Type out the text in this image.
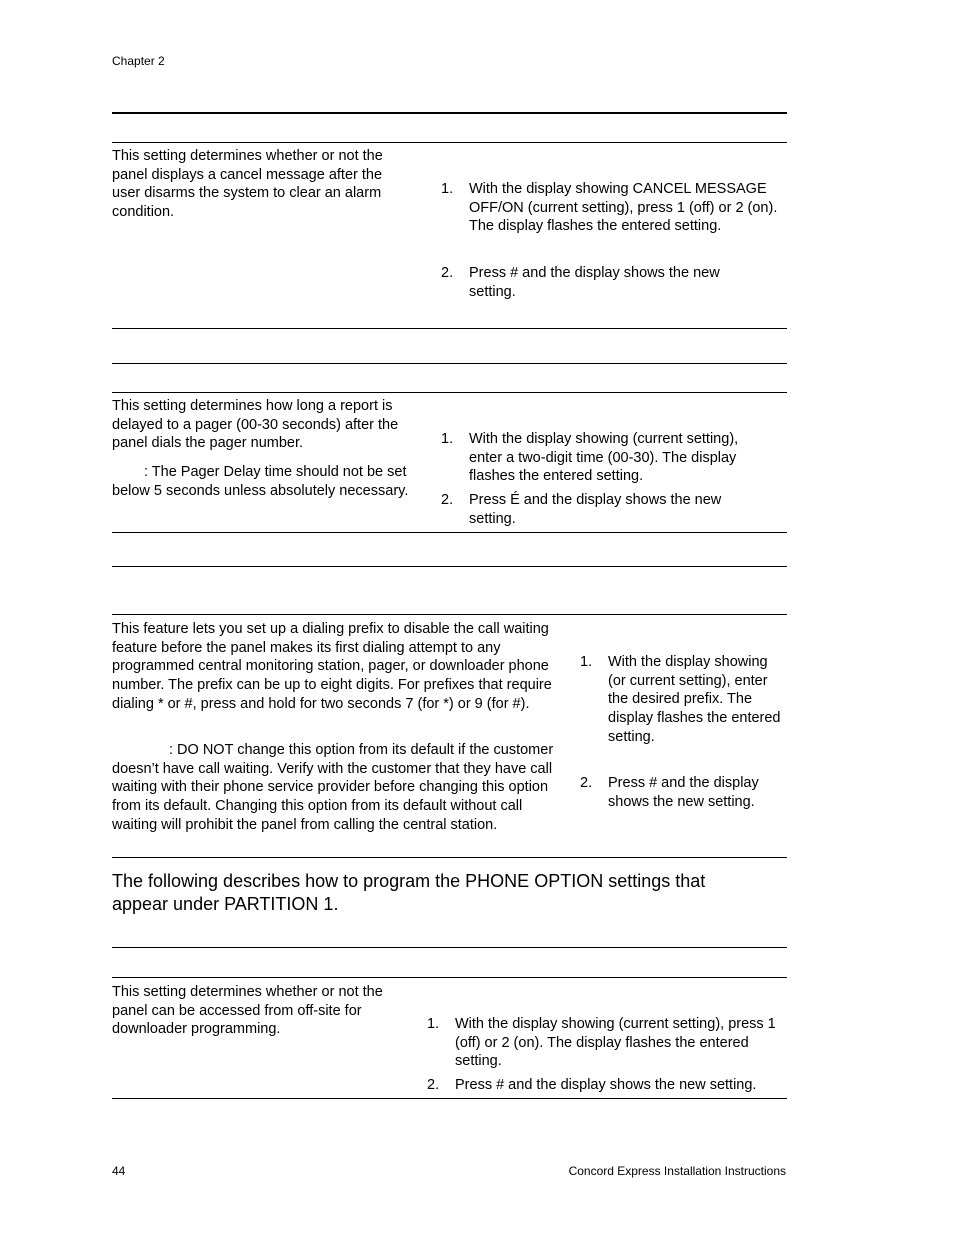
Chapter 2
This setting determines whether or not the panel displays a cancel message after the user disarms the system to clear an alarm condition.
1. With the display showing CANCEL MESSAGE OFF/ON (current setting), press 1 (off) or 2 (on). The display flashes the entered setting.
2. Press # and the display shows the new setting.
This setting determines how long a report is delayed to a pager (00-30 seconds) after the panel dials the pager number.
: The Pager Delay time should not be set below 5 seconds unless absolutely necessary.
1. With the display showing (current setting), enter a two-digit time (00-30). The display flashes the entered setting.
2. Press É and the display shows the new setting.
This feature lets you set up a dialing prefix to disable the call waiting feature before the panel makes its first dialing attempt to any programmed central monitoring station, pager, or downloader phone number. The prefix can be up to eight digits. For prefixes that require dialing * or #, press and hold for two seconds 7 (for *) or 9 (for #).
: DO NOT change this option from its default if the customer doesn’t have call waiting. Verify with the customer that they have call waiting with their phone service provider before changing this option from its default. Changing this option from its default without call waiting will prohibit the panel from calling the central station.
1. With the display showing (or current setting), enter the desired prefix. The display flashes the entered setting.
2. Press # and the display shows the new setting.
The following describes how to program the PHONE OPTION settings that appear under PARTITION 1.
This setting determines whether or not the panel can be accessed from off-site for downloader programming.	1. With the display showing (current setting), press 1 (off) or 2 (on). The display flashes the entered setting.
2. Press # and the display shows the new setting.
44	Concord Express Installation Instructions
